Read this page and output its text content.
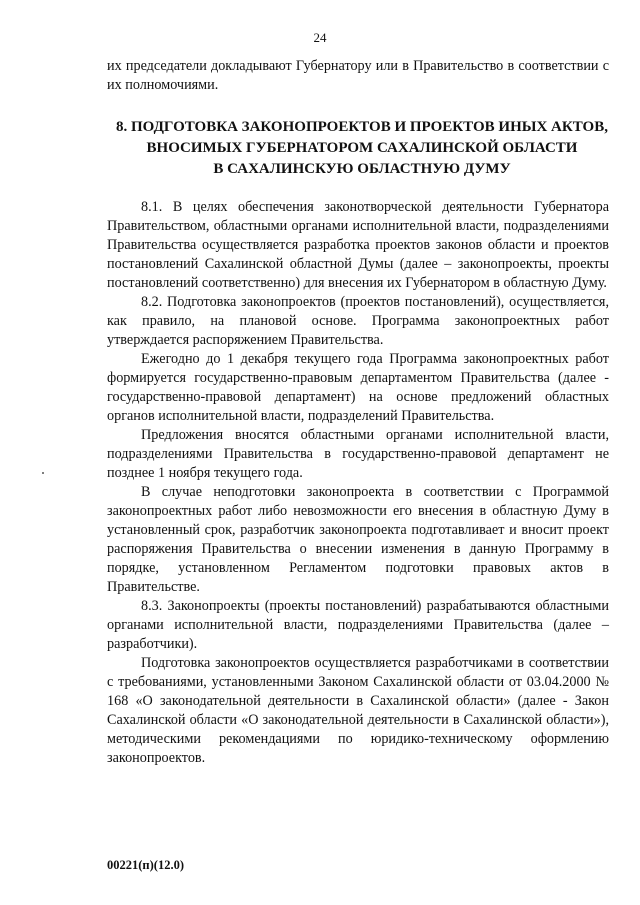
24

их председатели докладывают Губернатору или в Правительство в соответствии с их полномочиями.

8. ПОДГОТОВКА ЗАКОНОПРОЕКТОВ И ПРОЕКТОВ ИНЫХ АКТОВ,
ВНОСИМЫХ ГУБЕРНАТОРОМ САХАЛИНСКОЙ ОБЛАСТИ
В САХАЛИНСКУЮ ОБЛАСТНУЮ ДУМУ

8.1. В целях обеспечения законотворческой деятельности Губернатора Правительством, областными органами исполнительной власти, подразделениями Правительства осуществляется разработка проектов законов области и проектов постановлений Сахалинской областной Думы (далее – законопроекты, проекты постановлений соответственно) для внесения их Губернатором в областную Думу.

8.2. Подготовка законопроектов (проектов постановлений), осуществляется, как правило, на плановой основе. Программа законопроектных работ утверждается распоряжением Правительства.

Ежегодно до 1 декабря текущего года Программа законопроектных работ формируется государственно-правовым департаментом Правительства (далее - государственно-правовой департамент) на основе предложений областных органов исполнительной власти, подразделений Правительства.

Предложения вносятся областными органами исполнительной власти, подразделениями Правительства в государственно-правовой департамент не позднее 1 ноября текущего года.

В случае неподготовки законопроекта в соответствии с Программой законопроектных работ либо невозможности его внесения в областную Думу в установленный срок, разработчик законопроекта подготавливает и вносит проект распоряжения Правительства о внесении изменения в данную Программу в порядке, установленном Регламентом подготовки правовых актов в Правительстве.

8.3. Законопроекты (проекты постановлений) разрабатываются областными органами исполнительной власти, подразделениями Правительства (далее – разработчики).

Подготовка законопроектов осуществляется разработчиками в соответствии с требованиями, установленными Законом Сахалинской области от 03.04.2000 № 168 «О законодательной деятельности в Сахалинской области» (далее - Закон Сахалинской области «О законодательной деятельности в Сахалинской области»), методическими рекомендациями по юридико-техническому оформлению законопроектов.

00221(п)(12.0)
